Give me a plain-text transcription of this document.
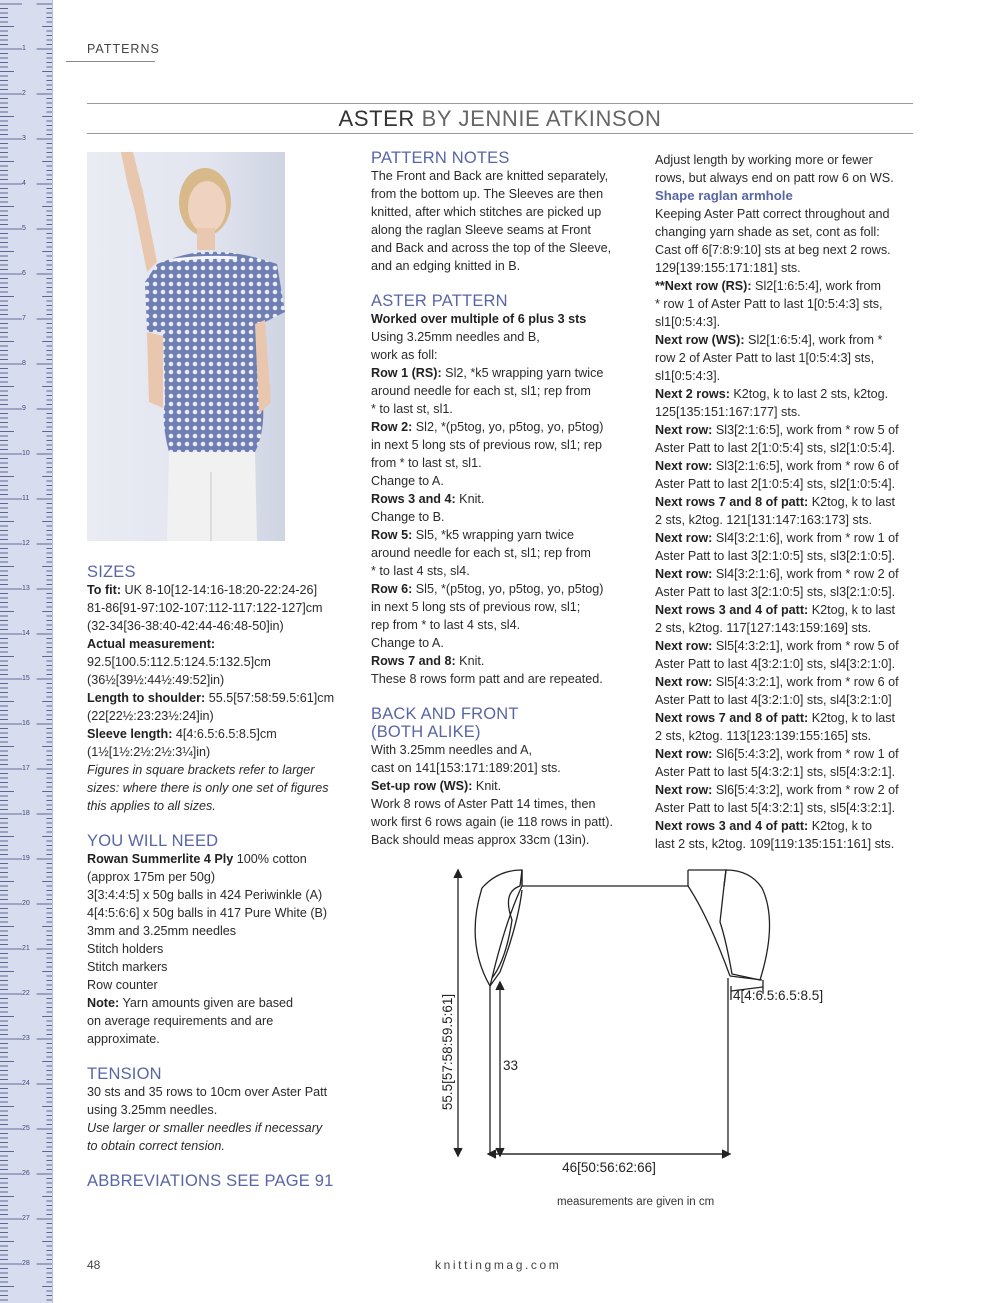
1
2
3
4
5
6
7
8
9
10
11
12
13
14
15
16
17
18
19
20
21
22
23
24
25
26
27
28
PATTERNS
ASTER BY JENNIE ATKINSON

SIZES

To fit: UK 8-10[12-14:16-18:20-22:24-26]

81-86[91-97:102-107:112-117:122-127]cm

(32-34[36-38:40-42:44-46:48-50]in)

Actual measurement:

92.5[100.5:112.5:124.5:132.5]cm

(36½[39½:44½:49:52]in)

Length to shoulder: 55.5[57:58:59.5:61]cm

(22[22½:23:23½:24]in)

Sleeve length: 4[4:6.5:6.5:8.5]cm

(1½[1½:2½:2½:3¼]in)

Figures in square brackets refer to larger

sizes: where there is only one set of figures

this applies to all sizes.

YOU WILL NEED

Rowan Summerlite 4 Ply 100% cotton

(approx 175m per 50g)

3[3:4:4:5] x 50g balls in 424 Periwinkle (A)

4[4:5:6:6] x 50g balls in 417 Pure White (B)

3mm and 3.25mm needles

Stitch holders

Stitch markers

Row counter

Note: Yarn amounts given are based

on average requirements and are

approximate.

TENSION

30 sts and 35 rows to 10cm over Aster Patt

using 3.25mm needles.

Use larger or smaller needles if necessary

to obtain correct tension.

ABBREVIATIONS SEE PAGE 91

PATTERN NOTES

The Front and Back are knitted separately,

from the bottom up. The Sleeves are then

knitted, after which stitches are picked up

along the raglan Sleeve seams at Front

and Back and across the top of the Sleeve,

and an edging knitted in B.

ASTER PATTERN

Worked over multiple of 6 plus 3 sts

Using 3.25mm needles and B,

work as foll:

Row 1 (RS): Sl2, *k5 wrapping yarn twice

around needle for each st, sl1; rep from

* to last st, sl1.

Row 2: Sl2, *(p5tog, yo, p5tog, yo, p5tog)

in next 5 long sts of previous row, sl1; rep

from * to last st, sl1.

Change to A.

Rows 3 and 4: Knit.

Change to B.

Row 5: Sl5, *k5 wrapping yarn twice

around needle for each st, sl1; rep from

* to last 4 sts, sl4.

Row 6: Sl5, *(p5tog, yo, p5tog, yo, p5tog)

in next 5 long sts of previous row, sl1;

rep from * to last 4 sts, sl4.

Change to A.

Rows 7 and 8: Knit.

These 8 rows form patt and are repeated.

BACK AND FRONT

(BOTH ALIKE)

With 3.25mm needles and A,

cast on 141[153:171:189:201] sts.

Set-up row (WS): Knit.

Work 8 rows of Aster Patt 14 times, then

work first 6 rows again (ie 118 rows in patt).

Back should meas approx 33cm (13in).

Adjust length by working more or fewer

rows, but always end on patt row 6 on WS.

Shape raglan armhole

Keeping Aster Patt correct throughout and

changing yarn shade as set, cont as foll:

Cast off 6[7:8:9:10] sts at beg next 2 rows.

129[139:155:171:181] sts.

**Next row (RS): Sl2[1:6:5:4], work from

* row 1 of Aster Patt to last 1[0:5:4:3] sts,

sl1[0:5:4:3].

Next row (WS): Sl2[1:6:5:4], work from *

row 2 of Aster Patt to last 1[0:5:4:3] sts,

sl1[0:5:4:3].

Next 2 rows: K2tog, k to last 2 sts, k2tog.

125[135:151:167:177] sts.

Next row: Sl3[2:1:6:5], work from * row 5 of

Aster Patt to last 2[1:0:5:4] sts, sl2[1:0:5:4].

Next row: Sl3[2:1:6:5], work from * row 6 of

Aster Patt to last 2[1:0:5:4] sts, sl2[1:0:5:4].

Next rows 7 and 8 of patt: K2tog, k to last

2 sts, k2tog. 121[131:147:163:173] sts.

Next row: Sl4[3:2:1:6], work from * row 1 of

Aster Patt to last 3[2:1:0:5] sts, sl3[2:1:0:5].

Next row: Sl4[3:2:1:6], work from * row 2 of

Aster Patt to last 3[2:1:0:5] sts, sl3[2:1:0:5].

Next rows 3 and 4 of patt: K2tog, k to last

2 sts, k2tog. 117[127:143:159:169] sts.

Next row: Sl5[4:3:2:1], work from * row 5 of

Aster Patt to last 4[3:2:1:0] sts, sl4[3:2:1:0].

Next row: Sl5[4:3:2:1], work from * row 6 of

Aster Patt to last 4[3:2:1:0] sts, sl4[3:2:1:0]

Next rows 7 and 8 of patt: K2tog, k to last

2 sts, k2tog. 113[123:139:155:165] sts.

Next row: Sl6[5:4:3:2], work from * row 1 of

Aster Patt to last 5[4:3:2:1] sts, sl5[4:3:2:1].

Next row: Sl6[5:4:3:2], work from * row 2 of

Aster Patt to last 5[4:3:2:1] sts, sl5[4:3:2:1].

Next rows 3 and 4 of patt: K2tog, k to

last 2 sts, k2tog. 109[119:135:151:161] sts.

55.5[57:58:59.5:61]	33
4[4:6.5:6.5:8.5]
46[50:56:62:66]
measurements are given in cm
48	knittingmag.com
